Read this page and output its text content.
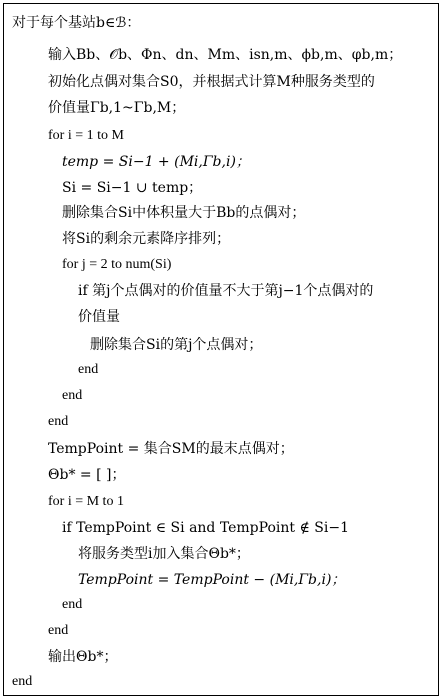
对于每个基站b∈ℬ：
输入Bb、𝒪b、Φn、dn、Mm、isn,m、ϕb,m、φb,m；
初始化点偶对集合S0，并根据式计算M种服务类型的
价值量Γb,1~Γb,M；
for i = 1 to M
temp = Si−1 + (Mi,Γb,i)；
Si = Si−1 ∪ temp；
删除集合Si中体积量大于Bb的点偶对；
将Si的剩余元素降序排列；
for j = 2 to num(Si)
if 第j个点偶对的价值量不大于第j−1个点偶对的
价值量
删除集合Si的第j个点偶对；
end
end
end
TempPoint = 集合SM的最末点偶对；
Θb* = [ ]；
for i = M to 1
if TempPoint ∈ Si and TempPoint ∉ Si−1
将服务类型i加入集合Θb*；
TempPoint = TempPoint − (Mi,Γb,i)；
end
end
输出Θb*；
end
